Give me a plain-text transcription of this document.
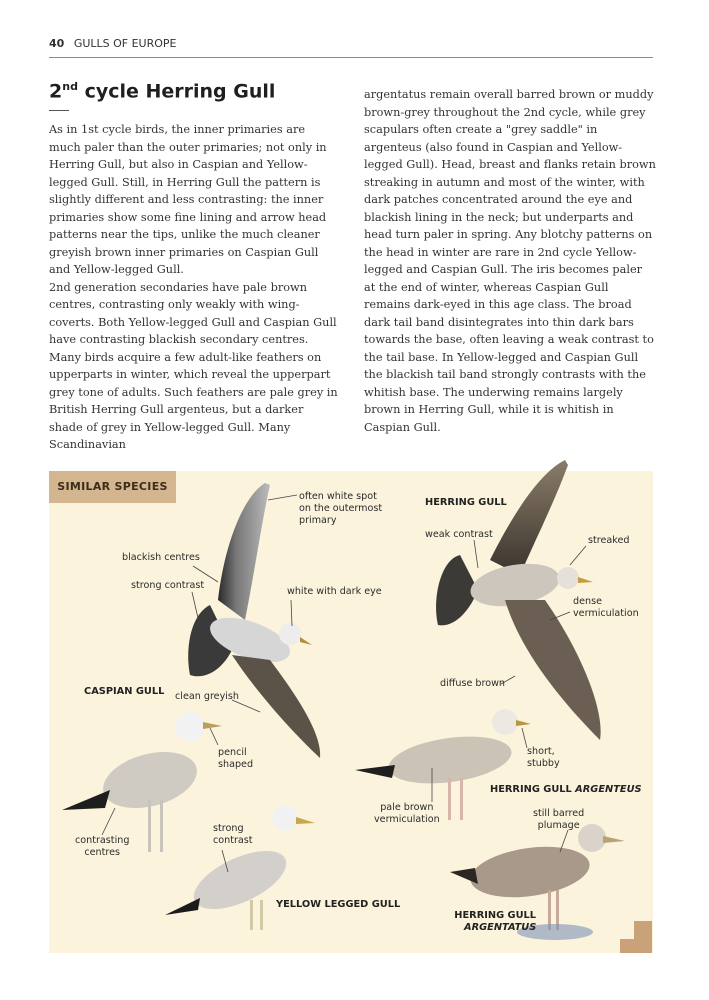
40 GULLS OF EUROPE
2nd cycle Herring Gull

As in 1st cycle birds, the inner primaries are much paler than the outer primaries; not only in Herring Gull, but also in Caspian and Yellow-legged Gull. Still, in Herring Gull the pattern is slightly different and less contrasting: the inner primaries show some fine lining and arrow head patterns near the tips, unlike the much cleaner greyish brown inner primaries on Caspian Gull and Yellow-legged Gull.

2nd generation secondaries have pale brown centres, contrasting only weakly with wing-coverts. Both Yellow-legged Gull and Caspian Gull have contrasting blackish secondary centres.

Many birds acquire a few adult-like feathers on upperparts in winter, which reveal the upperpart grey tone of adults. Such feathers are pale grey in British Herring Gull argenteus, but a darker shade of grey in Yellow-legged Gull. Many Scandinavian

argentatus remain overall barred brown or muddy brown-grey throughout the 2nd cycle, while grey scapulars often create a "grey saddle" in argenteus (also found in Caspian and Yellow-legged Gull). Head, breast and flanks retain brown streaking in autumn and most of the winter, with dark patches concentrated around the eye and blackish lining in the neck; but underparts and head turn paler in spring. Any blotchy patterns on the head in winter are rare in 2nd cycle Yellow-legged and Caspian Gull. The iris becomes paler at the end of winter, whereas Caspian Gull remains dark-eyed in this age class. The broad dark tail band disintegrates into thin dark bars towards the base, often leaving a weak contrast to the tail base. In Yellow-legged and Caspian Gull the blackish tail band strongly contrasts with the whitish base. The underwing remains largely brown in Herring Gull, while it is whitish in Caspian Gull.

SIMILAR SPECIES
often white spot
on the outermost
primary
blackish centres
strong contrast
white with dark eye
CASPIAN GULL clean greyish
pencil
shaped
contrasting
centres
strong
contrast
YELLOW LEGGED GULL
HERRING GULL
weak contrast
streaked
dense
vermiculation
diffuse brown
short,
stubby
HERRING GULL ARGENTEUS
pale brown
vermiculation
still barred
plumage
HERRING GULL
ARGENTATUS
